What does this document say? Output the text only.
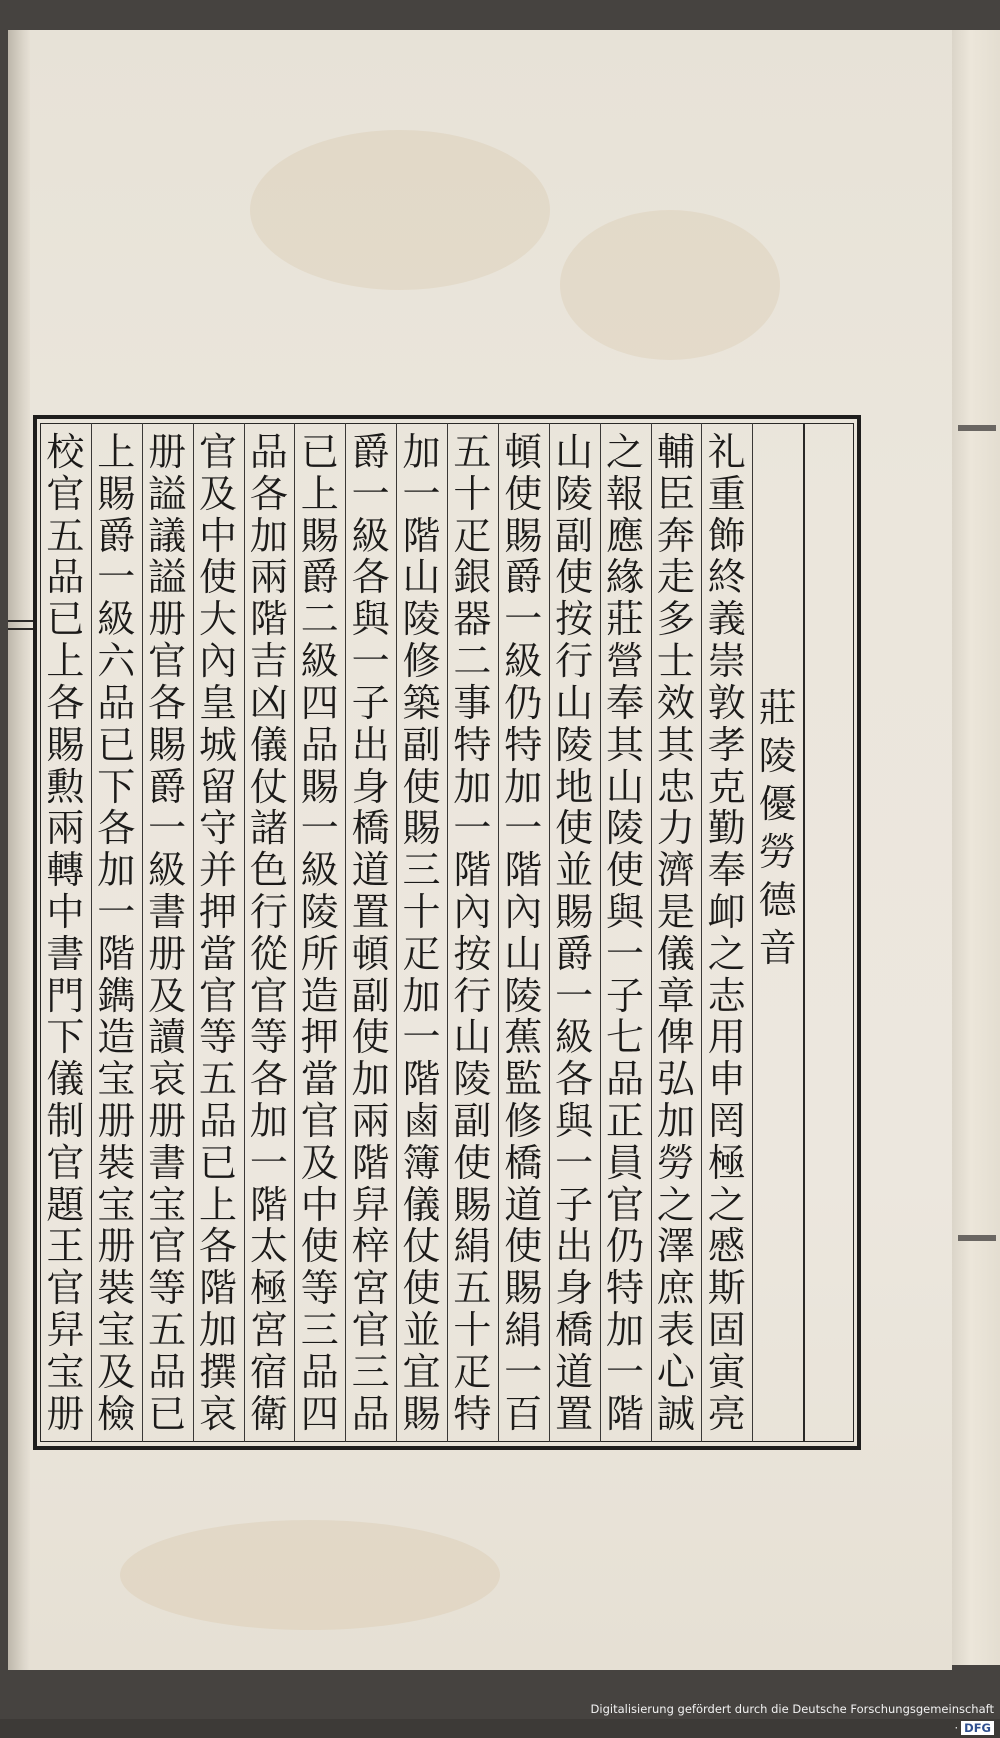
莊
陵
優
勞
德
音
礼
重
飾
終
義
崇
敦
孝
克
勤
奉
卹
之
志
用
申
罔
極
之
慼
斯
固
寅
亮
輔
臣
奔
走
多
士
效
其
忠
力
濟
是
儀
章
俾
弘
加
勞
之
澤
庶
表
心
誠
之
報
應
緣
莊
營
奉
其
山
陵
使
與
一
子
七
品
正
員
官
仍
特
加
一
階
山
陵
副
使
按
行
山
陵
地
使
並
賜
爵
一
級
各
與
一
子
出
身
橋
道
置
頓
使
賜
爵
一
級
仍
特
加
一
階
內
山
陵
蕉
監
修
橋
道
使
賜
絹
一
百
五
十
疋
銀
器
二
事
特
加
一
階
內
按
行
山
陵
副
使
賜
絹
五
十
疋
特
加
一
階
山
陵
修
築
副
使
賜
三
十
疋
加
一
階
鹵
簿
儀
仗
使
並
宜
賜
爵
一
級
各
與
一
子
出
身
橋
道
置
頓
副
使
加
兩
階
舁
梓
宮
官
三
品
已
上
賜
爵
二
級
四
品
賜
一
級
陵
所
造
押
當
官
及
中
使
等
三
品
四
品
各
加
兩
階
吉
凶
儀
仗
諸
色
行
從
官
等
各
加
一
階
太
極
宮
宿
衛
官
及
中
使
大
內
皇
城
留
守
并
押
當
官
等
五
品
已
上
各
階
加
撰
哀
册
謚
議
謚
册
官
各
賜
爵
一
級
書
册
及
讀
哀
册
書
宝
官
等
五
品
已
上
賜
爵
一
級
六
品
已
下
各
加
一
階
鐫
造
宝
册
裝
宝
册
裝
宝
及
檢
校
官
五
品
已
上
各
賜
勲
兩
轉
中
書
門
下
儀
制
官
題
王
官
舁
宝
册
Digitalisierung gefördert durch die Deutsche Forschungsgemeinschaft · DFG
